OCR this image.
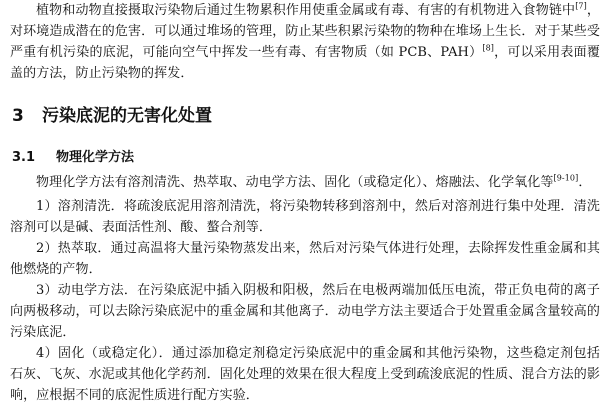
植物和动物直接摄取污染物后通过生物累积作用使重金属或有毒、有害的有机物进入食物链中[7]，对环境造成潜在的危害．可以通过堆场的管理，防止某些积累污染物的物种在堆场上生长．对于某些受严重有机污染的底泥，可能向空气中挥发一些有毒、有害物质（如 PCB、PAH）[8]，可以采用表面覆盖的方法，防止污染物的挥发．

3 污染底泥的无害化处置
3.1 物理化学方法

物理化学方法有溶剂清洗、热萃取、动电学方法、固化（或稳定化）、熔融法、化学氧化等[9-10]．

1）溶剂清洗．将疏浚底泥用溶剂清洗，将污染物转移到溶剂中，然后对溶剂进行集中处理．清洗溶剂可以是碱、表面活性剂、酸、螯合剂等．

2）热萃取．通过高温将大量污染物蒸发出来，然后对污染气体进行处理，去除挥发性重金属和其他燃烧的产物．

3）动电学方法．在污染底泥中插入阴极和阳极，然后在电极两端加低压电流，带正负电荷的离子向两极移动，可以去除污染底泥中的重金属和其他离子．动电学方法主要适合于处置重金属含量较高的污染底泥．

4）固化（或稳定化）．通过添加稳定剂稳定污染底泥中的重金属和其他污染物，这些稳定剂包括石灰、飞灰、水泥或其他化学药剂．固化处理的效果在很大程度上受到疏浚底泥的性质、混合方法的影响，应根据不同的底泥性质进行配方实验．
